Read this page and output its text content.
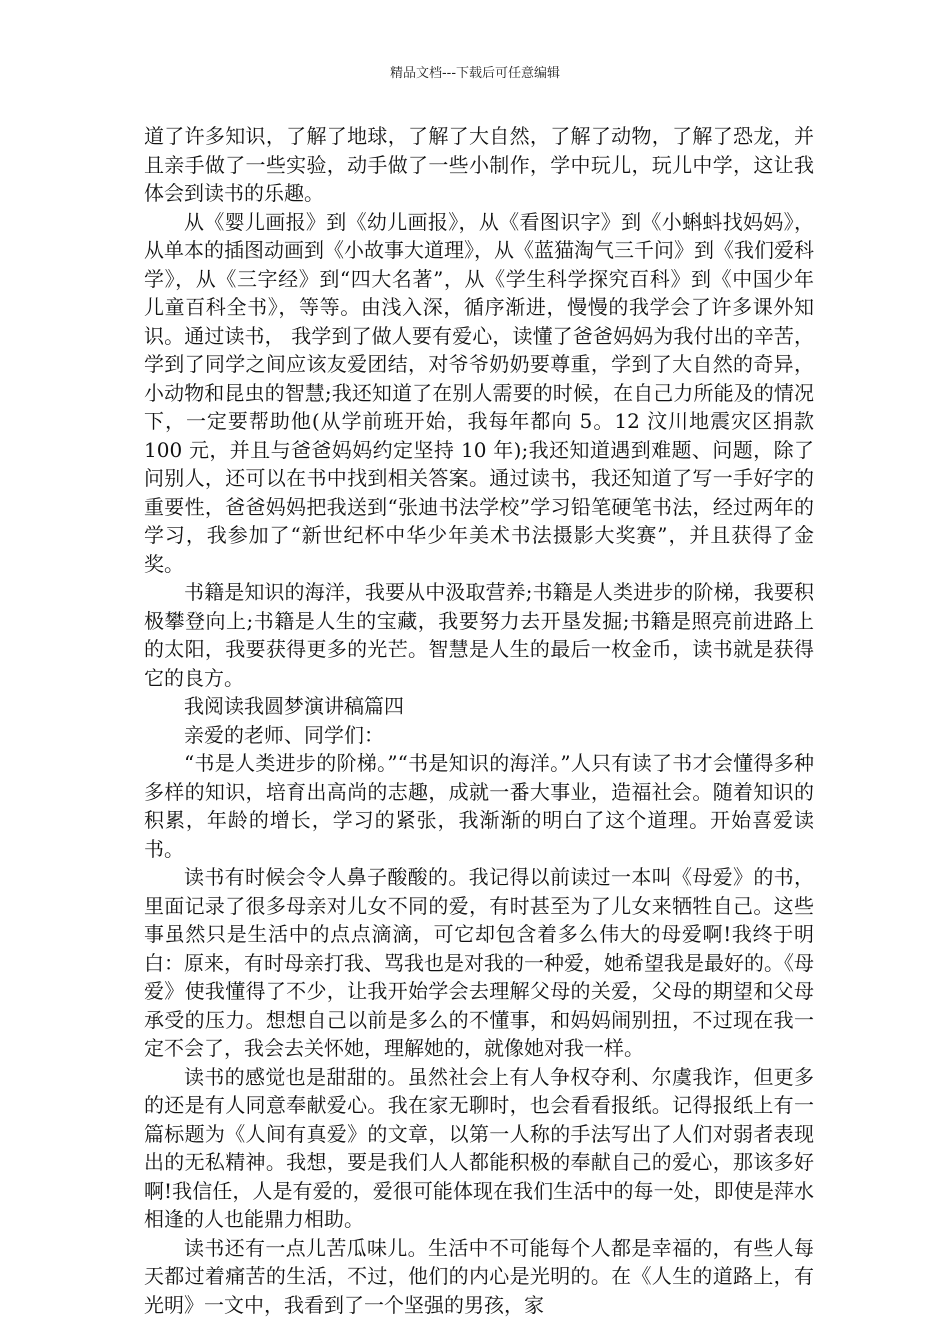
精品文档---下载后可任意编辑

道了许多知识，了解了地球，了解了大自然，了解了动物，了解了恐龙，并且亲手做了一些实验，动手做了一些小制作，学中玩儿，玩儿中学，这让我体会到读书的乐趣。

从《婴儿画报》到《幼儿画报》，从《看图识字》到《小蝌蚪找妈妈》，从单本的插图动画到《小故事大道理》，从《蓝猫淘气三千问》到《我们爱科学》，从《三字经》到“四大名著”，从《学生科学探究百科》到《中国少年儿童百科全书》，等等。由浅入深，循序渐进，慢慢的我学会了许多课外知识。通过读书， 我学到了做人要有爱心，读懂了爸爸妈妈为我付出的辛苦，学到了同学之间应该友爱团结，对爷爷奶奶要尊重，学到了大自然的奇异，小动物和昆虫的智慧;我还知道了在别人需要的时候，在自己力所能及的情况下，一定要帮助他(从学前班开始，我每年都向 5。12 汶川地震灾区捐款 100 元，并且与爸爸妈妈约定坚持 10 年);我还知道遇到难题、问题，除了问别人，还可以在书中找到相关答案。通过读书，我还知道了写一手好字的重要性，爸爸妈妈把我送到“张迪书法学校”学习铅笔硬笔书法，经过两年的学习，我参加了“新世纪杯中华少年美术书法摄影大奖赛”，并且获得了金奖。

书籍是知识的海洋，我要从中汲取营养;书籍是人类进步的阶梯，我要积极攀登向上;书籍是人生的宝藏，我要努力去开垦发掘;书籍是照亮前进路上的太阳，我要获得更多的光芒。智慧是人生的最后一枚金币，读书就是获得它的良方。

我阅读我圆梦演讲稿篇四

亲爱的老师、同学们：

“书是人类进步的阶梯。”“书是知识的海洋。”人只有读了书才会懂得多种多样的知识，培育出高尚的志趣，成就一番大事业，造福社会。随着知识的积累，年龄的增长，学习的紧张，我渐渐的明白了这个道理。开始喜爱读书。

读书有时候会令人鼻子酸酸的。我记得以前读过一本叫《母爱》的书，里面记录了很多母亲对儿女不同的爱，有时甚至为了儿女来牺牲自己。这些事虽然只是生活中的点点滴滴，可它却包含着多么伟大的母爱啊!我终于明白：原来，有时母亲打我、骂我也是对我的一种爱，她希望我是最好的。《母爱》使我懂得了不少，让我开始学会去理解父母的关爱，父母的期望和父母承受的压力。想想自己以前是多么的不懂事，和妈妈闹别扭，不过现在我一定不会了，我会去关怀她，理解她的，就像她对我一样。

读书的感觉也是甜甜的。虽然社会上有人争权夺利、尔虞我诈，但更多的还是有人同意奉献爱心。我在家无聊时，也会看看报纸。记得报纸上有一篇标题为《人间有真爱》的文章，以第一人称的手法写出了人们对弱者表现出的无私精神。我想，要是我们人人都能积极的奉献自己的爱心，那该多好啊!我信任，人是有爱的，爱很可能体现在我们生活中的每一处，即使是萍水相逢的人也能鼎力相助。

读书还有一点儿苦瓜味儿。生活中不可能每个人都是幸福的，有些人每天都过着痛苦的生活，不过，他们的内心是光明的。在《人生的道路上，有光明》一文中，我看到了一个坚强的男孩，家
